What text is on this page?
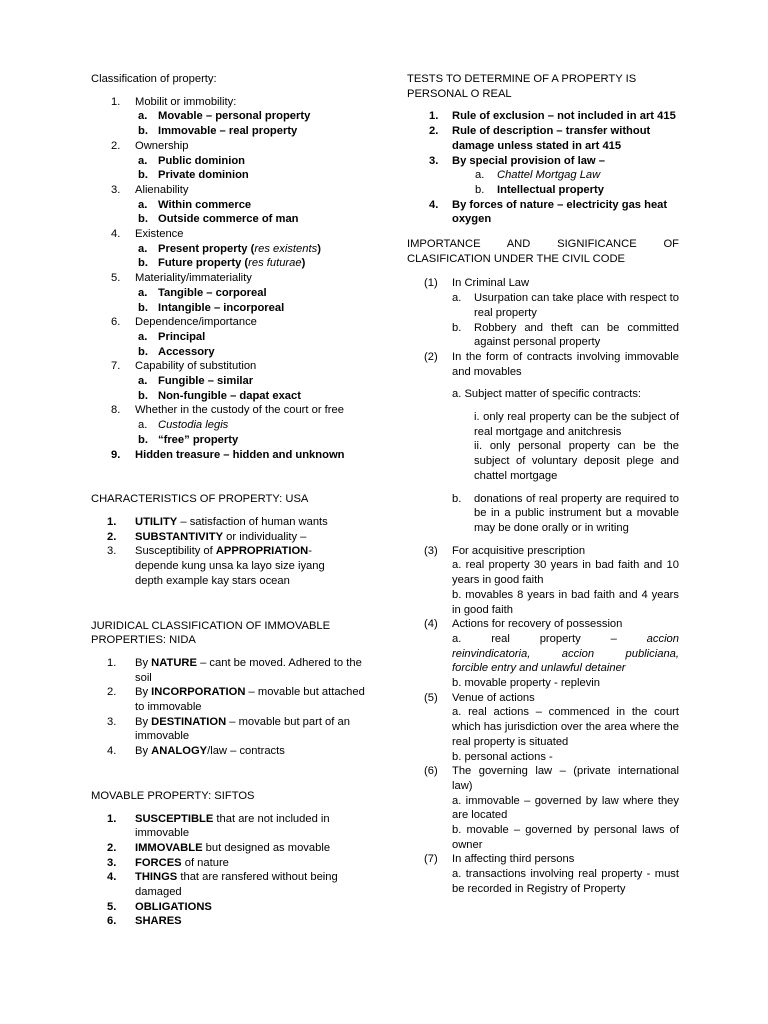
Classification of property:

1. Mobilit or immobility:
a. Movable – personal property
b. Immovable – real property
2. Ownership
a. Public dominion
b. Private dominion
3. Alienability
a. Within commerce
b. Outside commerce of man
4. Existence
a. Present property (res existents)
b. Future property (res futurae)
5. Materiality/immateriality
a. Tangible – corporeal
b. Intangible – incorporeal
6. Dependence/importance
a. Principal
b. Accessory
7. Capability of substitution
a. Fungible – similar
b. Non-fungible – dapat exact
8. Whether in the custody of the court or free
a. Custodia legis
b. “free” property
9. Hidden treasure – hidden and unknown

CHARACTERISTICS OF PROPERTY: USA

1. UTILITY – satisfaction of human wants
2. SUBSTANTIVITY or individuality –
3. Susceptibility of APPROPRIATION-
depende kung unsa ka layo size iyang
depth example kay stars ocean

JURIDICAL CLASSIFICATION OF IMMOVABLE PROPERTIES: NIDA

1. By NATURE – cant be moved. Adhered to the soil
2. By INCORPORATION – movable but attached to immovable
3. By DESTINATION – movable but part of an immovable
4. By ANALOGY/law – contracts

MOVABLE PROPERTY: SIFTOS

1. SUSCEPTIBLE that are not included in immovable
2. IMMOVABLE but designed as movable
3. FORCES of nature
4. THINGS that are ransfered without being damaged
5. OBLIGATIONS
6. SHARES
TESTS TO DETERMINE OF A PROPERTY IS
PERSONAL O REAL
1. Rule of exclusion – not included in art 415
2. Rule of description – transfer without damage unless stated in art 415
3. By special provision of law –
a. Chattel Mortgag Law
b. Intellectual property
4. By forces of nature – electricity gas heat oxygen
IMPORTANCE AND SIGNIFICANCE OF
CLASIFICATION UNDER THE CIVIL CODE
(1) In Criminal Law
a. Usurpation can take place with respect to real property
b. Robbery and theft can be committed against personal property
(2) In the form of contracts involving immovable and movables
a. Subject matter of specific contracts:
i. only real property can be the subject of real mortgage and anitchresis
ii. only personal property can be the subject of voluntary deposit plege and chattel mortgage
b. donations of real property are required to be in a public instrument but a movable may be done orally or in writing
(3) For acquisitive prescription
a. real property 30 years in bad faith and 10 years in good faith
b. movables 8 years in bad faith and 4 years in good faith
(4) Actions for recovery of possession
a.	real	property	–	accion
reinvindicatoria, accion publiciana,
forcible entry and unlawful detainer
b. movable property - replevin
(5) Venue of actions
a. real actions – commenced in the court which has jurisdiction over the area where the real property is situated
b. personal actions -
(6) The governing law – (private international law)
a. immovable – governed by law where they are located
b. movable – governed by personal laws of owner
(7) In affecting third persons
a. transactions involving real property - must be recorded in Registry of Property
